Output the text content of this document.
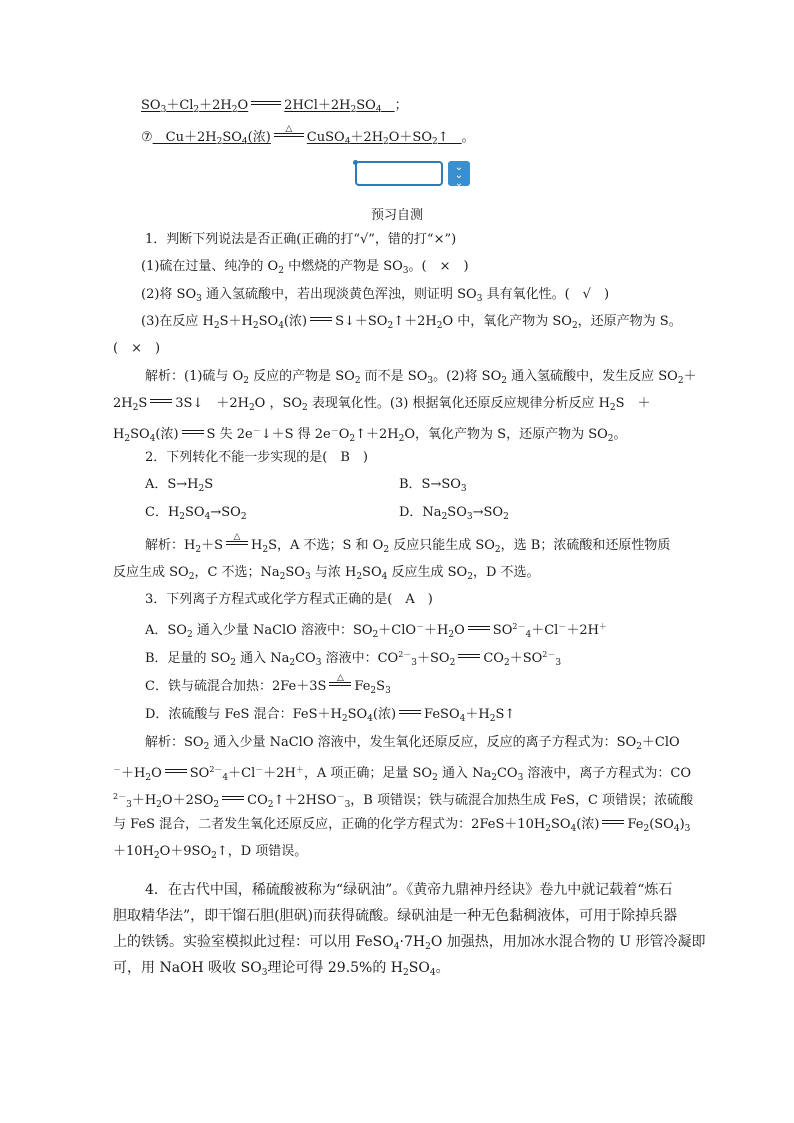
$SO_3+Cl_2+2H_2O$	$2HCl+2H_2SO_4$　 ；
⑦　$Cu+2H_2SO_4$(浓)
△
$CuSO_4+2H_2O+SO_2↑$　。
⌄
⌄
⌄
预习自测
1．判断下列说法是否正确(正确的打“√”，错的打“×”)
(1)硫在过量、纯净的 $O_2$ 中燃烧的产物是 $SO_3$。(　×　)
(2)将 $SO_3$ 通入氢硫酸中，若出现淡黄色浑浊，则证明 $SO_3$ 具有氧化性。(　√　)
(3)在反应 $H_2S+H_2SO_4$(浓) $S↓+SO_2↑+2H_2O$ 中，氧化产物为 $SO_2$，还原产物为 S。
(　×　)
解析：(1)硫与 $O_2$ 反应的产物是 $SO_2$ 而不是 $SO_3$。(2)将 $SO_2$ 通入氢硫酸中，发生反应 $SO_2+$
$2H_2S$ 3S↓　$+2H_2O$ ，$SO_2$ 表现氧化性。(3) 根据氧化还原反应规律分析反应 $H_2S$　＋
$H_2SO_4$(浓) S 失 2e－↓＋S 得 $2e^-O_2↑+2H_2O$，氧化产物为 S，还原产物为 $SO_2$。
2．下列转化不能一步实现的是(　B　)
A．$S\to H_2S$	B．$S\to SO_3$
C．$H_2SO_4\to SO_2$	D．$Na_2SO_3\to SO_2$
解析：$H_2+S$
△
$H_2S$，A 不选；S 和 $O_2$ 反应只能生成 $SO_2$，选 B；浓硫酸和还原性物质
反应生成 $SO_2$，C 不选；$Na_2SO_3$ 与浓 $H_2SO_4$ 反应生成 $SO_2$，D 不选。
3．下列离子方程式或化学方程式正确的是(　A　)
A．$SO_2$ 通入少量 NaClO 溶液中：$SO_2+ClO^-+H_2O$ $SO^{2-}_4+Cl^-+2H^+$
B．足量的 $SO_2$ 通入 $Na_2CO_3$ 溶液中：$CO^{2-}_3+SO_2$ $CO_2+SO^{2-}_3$
C．铁与硫混合加热：2Fe＋3S
△
$Fe_2S_3$
D．浓硫酸与 FeS 混合：$FeS+H_2SO_4$(浓) $FeSO_4+H_2S↑$
解析：$SO_2$ 通入少量 NaClO 溶液中，发生氧化还原反应，反应的离子方程式为：$SO_2+ClO$
$^-+H_2O$ $SO^{2-}_4+Cl^-+2H^+$，A 项正确；足量 $SO_2$ 通入 $Na_2CO_3$ 溶液中，离子方程式为：CO
$^{2-}_3+H_2O+2SO_2$ $CO_2↑+2HSO^-_3$，B 项错误；铁与硫混合加热生成 FeS，C 项错误；浓硫酸
与 FeS 混合，二者发生氧化还原反应，正确的化学方程式为：$2FeS+10H_2SO_4$(浓) $Fe_2(SO_4)_3$
$+10H_2O+9SO_2↑$，D 项错误。
4．在古代中国，稀硫酸被称为“绿矾油”。《黄帝九鼎神丹经诀》卷九中就记载着“炼石
胆取精华法”，即干馏石胆(胆矾)而获得硫酸。绿矾油是一种无色黏稠液体，可用于除掉兵器
上的铁锈。实验室模拟此过程：可以用 $FeSO_4\cdot 7H_2O$ 加强热，用加冰水混合物的 U 形管冷凝即
可，用 NaOH 吸收 $SO_3$理论可得 29.5%的 $H_2SO_4$。
